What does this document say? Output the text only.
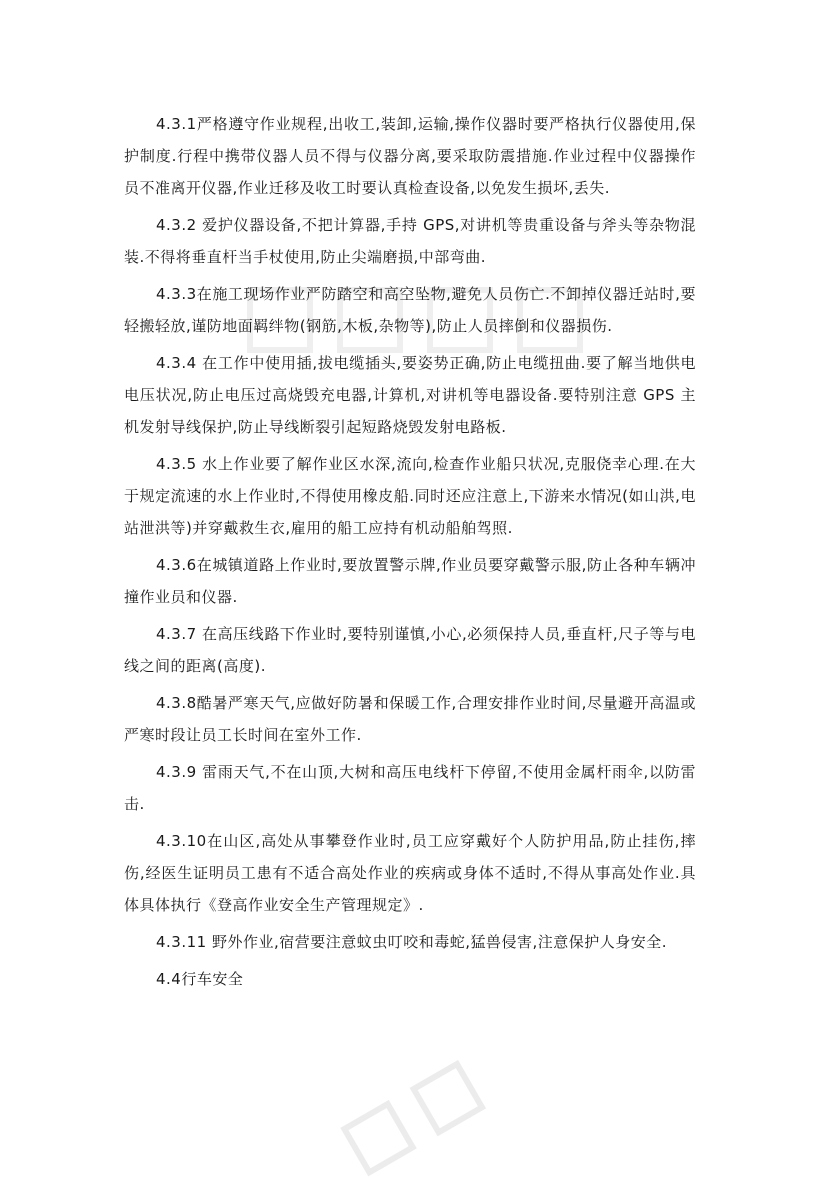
4.3.1严格遵守作业规程,出收工,装卸,运输,操作仪器时要严格执行仪器使用,保护制度.行程中携带仪器人员不得与仪器分离,要采取防震措施.作业过程中仪器操作员不准离开仪器,作业迁移及收工时要认真检查设备,以免发生损坏,丢失.

4.3.2 爱护仪器设备,不把计算器,手持 GPS,对讲机等贵重设备与斧头等杂物混装.不得将垂直杆当手杖使用,防止尖端磨损,中部弯曲.

4.3.3在施工现场作业严防踏空和高空坠物,避免人员伤亡.不卸掉仪器迁站时,要轻搬轻放,谨防地面羁绊物(钢筋,木板,杂物等),防止人员摔倒和仪器损伤.

4.3.4 在工作中使用插,拔电缆插头,要姿势正确,防止电缆扭曲.要了解当地供电电压状况,防止电压过高烧毁充电器,计算机,对讲机等电器设备.要特别注意 GPS 主机发射导线保护,防止导线断裂引起短路烧毁发射电路板.

4.3.5 水上作业要了解作业区水深,流向,检查作业船只状况,克服侥幸心理.在大于规定流速的水上作业时,不得使用橡皮船.同时还应注意上,下游来水情况(如山洪,电站泄洪等)并穿戴救生衣,雇用的船工应持有机动船舶驾照.

4.3.6在城镇道路上作业时,要放置警示牌,作业员要穿戴警示服,防止各种车辆冲撞作业员和仪器.

4.3.7 在高压线路下作业时,要特别谨慎,小心,必须保持人员,垂直杆,尺子等与电 线之间的距离(高度).

4.3.8酷暑严寒天气,应做好防暑和保暖工作,合理安排作业时间,尽量避开高温或严寒时段让员工长时间在室外工作.

4.3.9 雷雨天气,不在山顶,大树和高压电线杆下停留,不使用金属杆雨伞,以防雷击.

4.3.10在山区,高处从事攀登作业时,员工应穿戴好个人防护用品,防止挂伤,摔伤,经医生证明员工患有不适合高处作业的疾病或身体不适时,不得从事高处作业.具体具体执行《登高作业安全生产管理规定》.

4.3.11 野外作业,宿营要注意蚊虫叮咬和毒蛇,猛兽侵害,注意保护人身安全.

4.4行车安全
